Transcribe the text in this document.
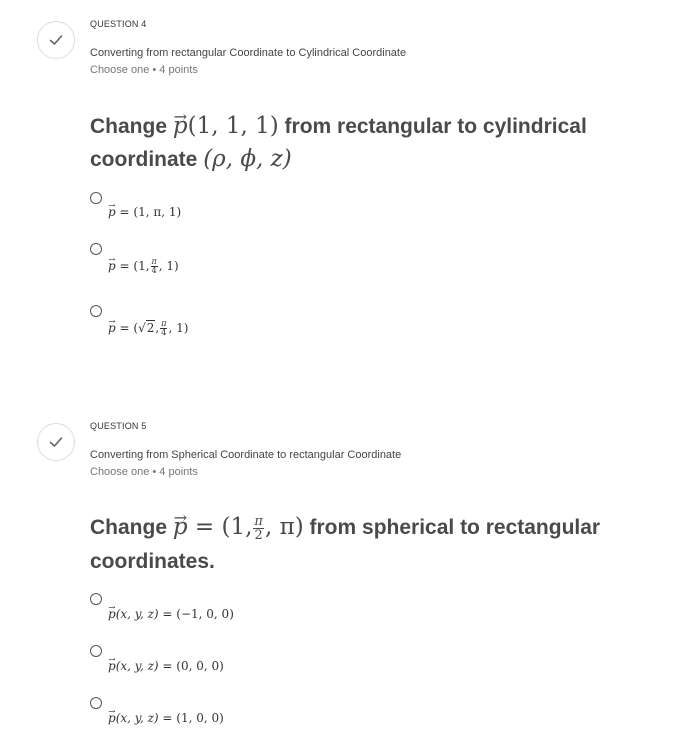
QUESTION 4
Converting from rectangular Coordinate to Cylindrical Coordinate
Choose one • 4 points
Change → p(1, 1, 1) from rectangular to cylindrical coordinate (ρ, ϕ, z)
→ p = (1, π, 1)
→ p = (1, $\frac{\pi}{4}$ , 1)
→ p = (√2, $\frac{\pi}{4}$ , 1)
QUESTION 5
Converting from Spherical Coordinate to rectangular Coordinate
Choose one • 4 points
Change → p = (1, $\frac{\pi}{2}$ , π) from spherical to rectangular coordinates.
→ p(x, y, z) = (−1, 0, 0)
→ p(x, y, z) = (0, 0, 0)
→ p(x, y, z) = (1, 0, 0)
